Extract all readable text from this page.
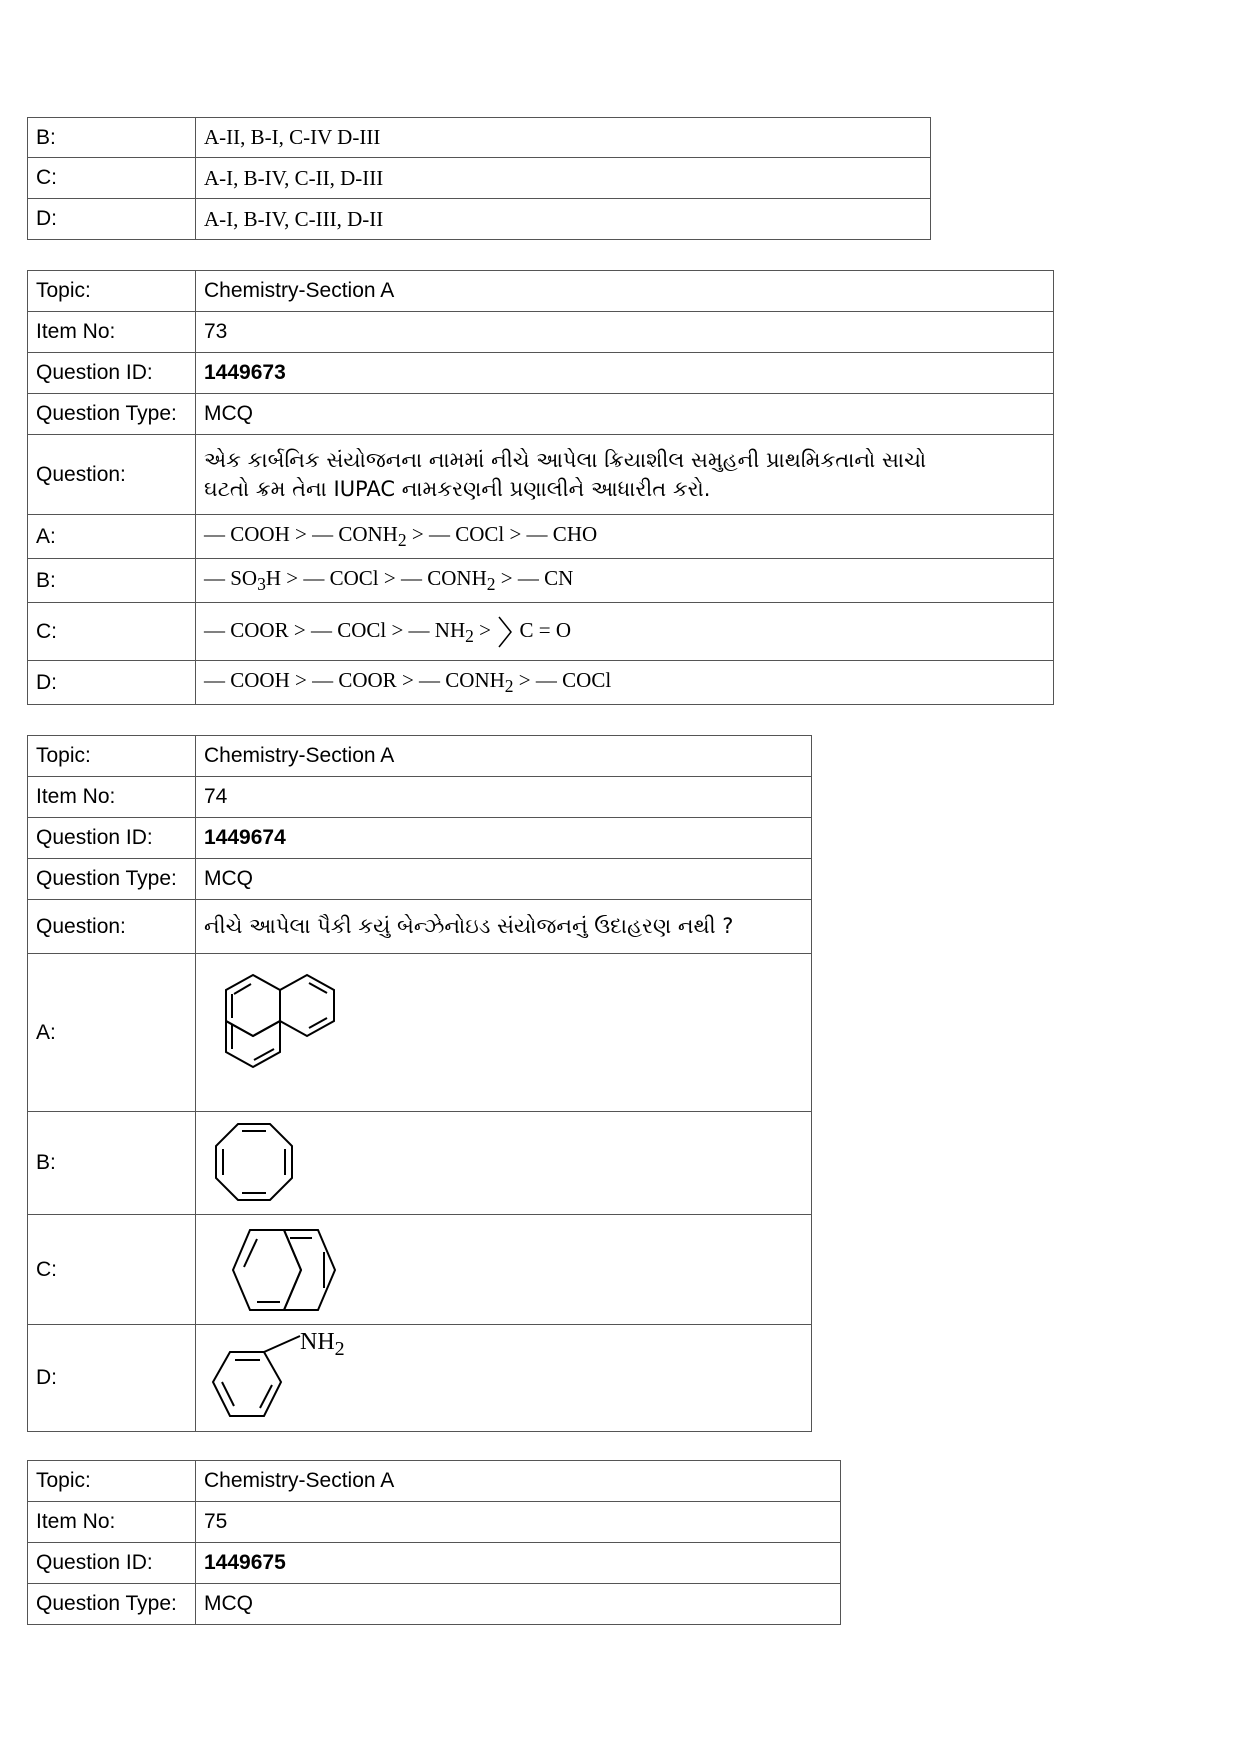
B:	A-II, B-I, C-IV D-III
C:	A-I, B-IV, C-II, D-III
D:	A-I, B-IV, C-III, D-II
Topic:	Chemistry-Section A
Item No:	73
Question ID:	1449673
Question Type:	MCQ
Question:	એક કાર્બનિક સંયોજનના નામમાં નીચે આપેલા ક્રિયાશીલ સમુહની પ્રાથમિકતાનો સાચો
ઘટતો ક્રમ તેના IUPAC નામકરણની પ્રણાલીને આધારીત કરો.

A:	— COOH > — $CONH_2$ > — COCl > — CHO
B:	— $SO_3H$ > — COCl > — $CONH_2$ > — CN
C:	— COOR > — COCl > — $NH_2 > C = O$
D:	— COOH > — COOR > — $CONH_2$ > — COCl
Topic:	Chemistry-Section A
Item No:	74
Question ID:	1449674
Question Type:	MCQ
Question:	નીચે આપેલા પૈકી કયું બેન્ઝેનોઇડ સંયોજનનું ઉદાહરણ નથી ?
A:	

B:	

C:	

D:	$NH_2$
Topic:	Chemistry-Section A
Item No:	75
Question ID:	1449675
Question Type:	MCQ
